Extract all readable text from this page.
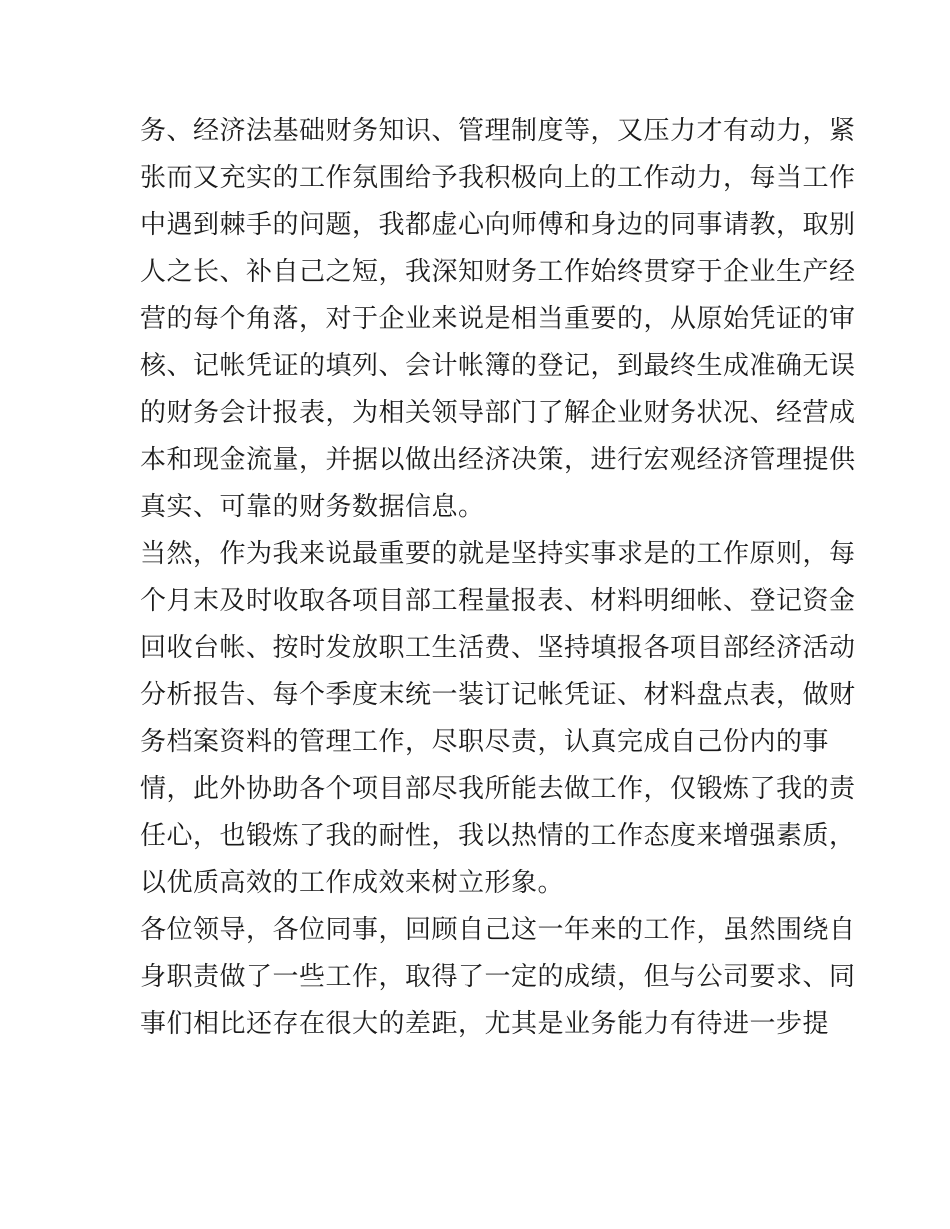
务、经济法基础财务知识、管理制度等，又压力才有动力，紧
张而又充实的工作氛围给予我积极向上的工作动力，每当工作
中遇到棘手的问题，我都虚心向师傅和身边的同事请教，取别
人之长、补自己之短，我深知财务工作始终贯穿于企业生产经
营的每个角落，对于企业来说是相当重要的，从原始凭证的审
核、记帐凭证的填列、会计帐簿的登记，到最终生成准确无误
的财务会计报表，为相关领导部门了解企业财务状况、经营成
本和现金流量，并据以做出经济决策，进行宏观经济管理提供
真实、可靠的财务数据信息。
当然，作为我来说最重要的就是坚持实事求是的工作原则，每
个月末及时收取各项目部工程量报表、材料明细帐、登记资金
回收台帐、按时发放职工生活费、坚持填报各项目部经济活动
分析报告、每个季度末统一装订记帐凭证、材料盘点表，做财
务档案资料的管理工作，尽职尽责，认真完成自己份内的事
情，此外协助各个项目部尽我所能去做工作，仅锻炼了我的责
任心，也锻炼了我的耐性，我以热情的工作态度来增强素质，
以优质高效的工作成效来树立形象。
各位领导，各位同事，回顾自己这一年来的工作，虽然围绕自
身职责做了一些工作，取得了一定的成绩，但与公司要求、同
事们相比还存在很大的差距，尤其是业务能力有待进一步提
